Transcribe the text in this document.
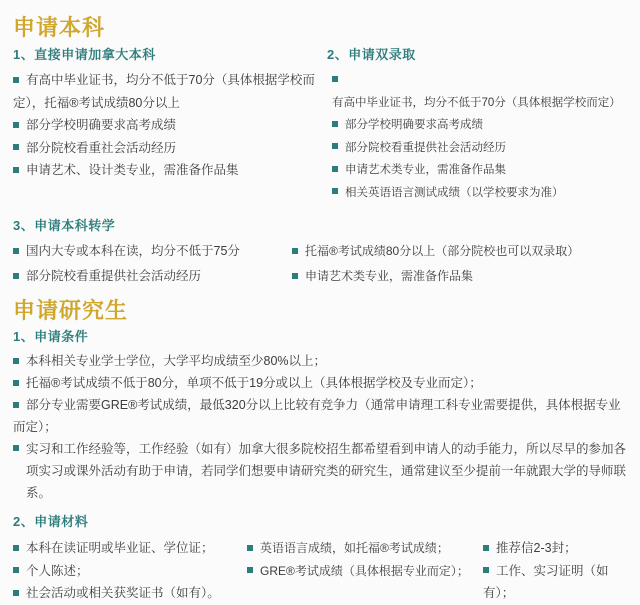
申请本科
1、直接申请加拿大本科
有高中毕业证书，均分不低于70分（具体根据学校而定），托福®考试成绩80分以上
部分学校明确要求高考成绩
部分院校看重社会活动经历
申请艺术、设计类专业，需准备作品集
2、申请双录取
有高中毕业证书，均分不低于70分（具体根据学校而定）
部分学校明确要求高考成绩
部分院校看重提供社会活动经历
申请艺术类专业，需准备作品集
相关英语语言测试成绩（以学校要求为准）
3、申请本科转学
国内大专或本科在读，均分不低于75分
部分院校看重提供社会活动经历
托福®考试成绩80分以上（部分院校也可以双录取）
申请艺术类专业，需准备作品集
申请研究生
1、申请条件
本科相关专业学士学位，大学平均成绩至少80%以上；
托福®考试成绩不低于80分，单项不低于19分或以上（具体根据学校及专业而定）；
部分专业需要GRE®考试成绩，最低320分以上比较有竞争力（通常申请理工科专业需要提供，具体根据专业而定）；
实习和工作经验等，工作经验（如有）加拿大很多院校招生都希望看到申请人的动手能力，所以尽早的参加各项实习或课外活动有助于申请，若同学们想要申请研究类的研究生，通常建议至少提前一年就跟大学的导师联系。
2、申请材料
本科在读证明或毕业证、学位证；
个人陈述；
社会活动或相关获奖证书（如有）。
英语语言成绩，如托福®考试成绩；
GRE®考试成绩（具体根据专业而定）；
推荐信2-3封；
工作、实习证明（如有）；
